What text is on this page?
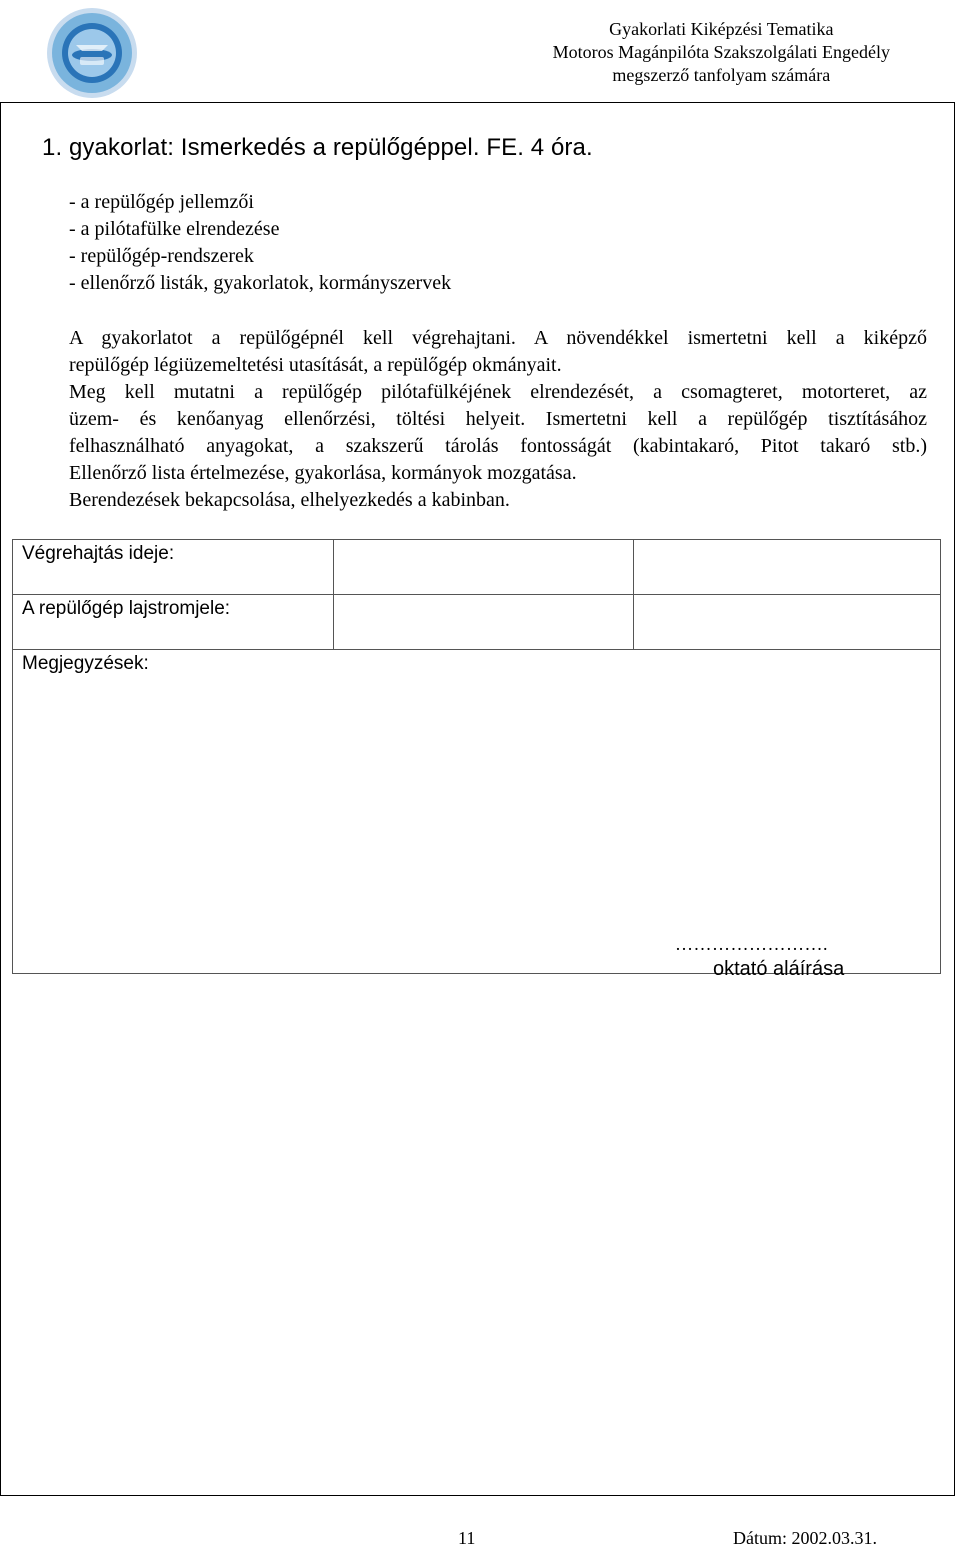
Gyakorlati Kiképzési Tematika
Motoros Magánpilóta Szakszolgálati Engedély
megszerző tanfolyam számára
1. gyakorlat: Ismerkedés a repülőgéppel. FE. 4 óra.
- a repülőgép jellemzői
- a pilótafülke elrendezése
- repülőgép-rendszerek
- ellenőrző listák, gyakorlatok, kormányszervek

A gyakorlatot a repülőgépnél kell végrehajtani. A növendékkel ismertetni kell a kiképző

repülőgép légiüzemeltetési utasítását, a repülőgép okmányait.

Meg kell mutatni a repülőgép pilótafülkéjének elrendezését, a csomagteret, motorteret, az

üzem- és kenőanyag ellenőrzési, töltési helyeit. Ismertetni kell a repülőgép tisztításához

felhasználható anyagokat, a szakszerű tárolás fontosságát (kabintakaró, Pitot takaró stb.)

Ellenőrző lista értelmezése, gyakorlása, kormányok mozgatása.

Berendezések bekapcsolása, elhelyezkedés a kabinban.

Végrehajtás ideje:		
A repülőgép lajstromjele:		

Megjegyzések:
…………………….
oktató aláírása		
11	Dátum: 2002.03.31.
